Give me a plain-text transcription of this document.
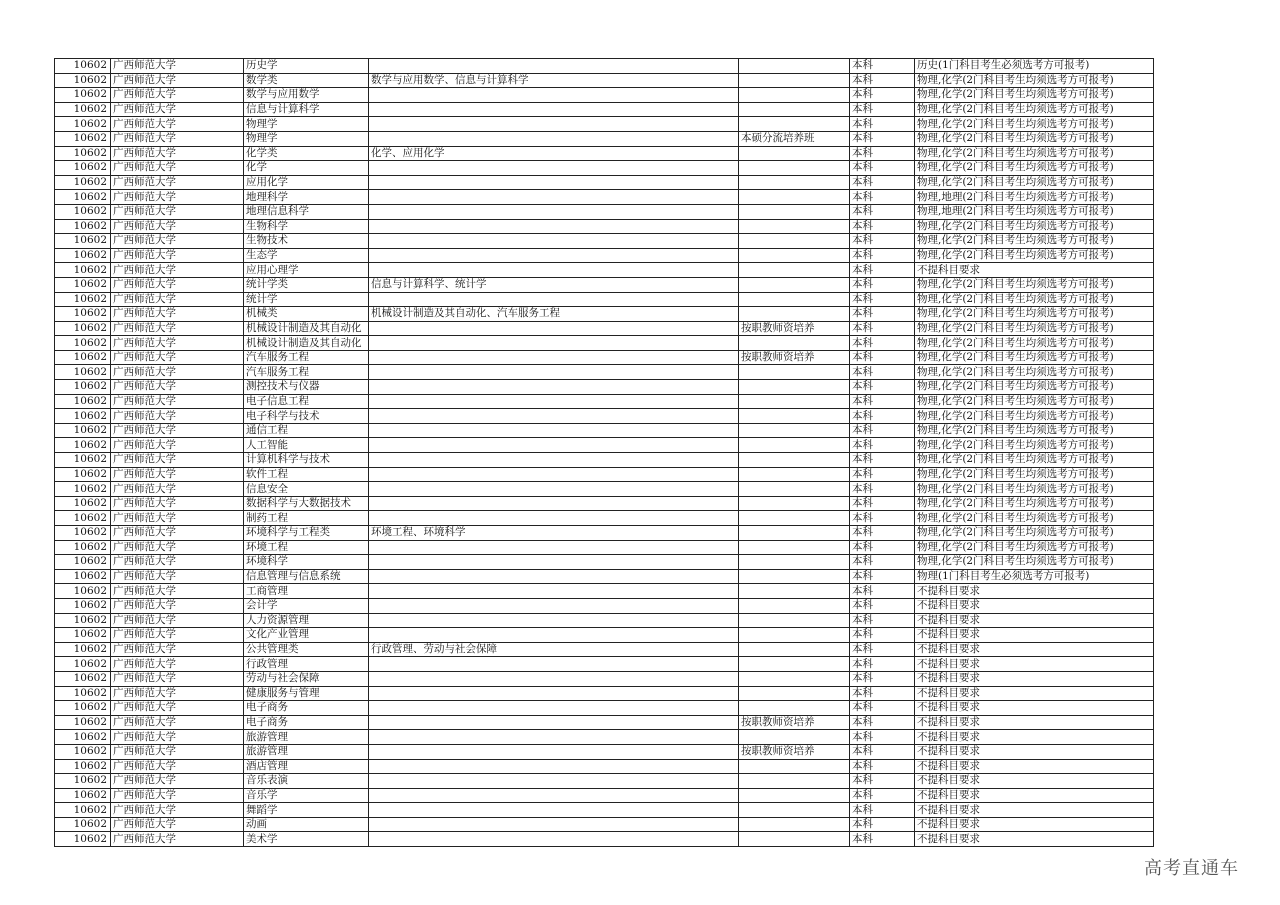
10602	广西师范大学	历史学			本科	历史(1门科目考生必须选考方可报考)
10602	广西师范大学	数学类	数学与应用数学、信息与计算科学		本科	物理,化学(2门科目考生均须选考方可报考)
10602	广西师范大学	数学与应用数学			本科	物理,化学(2门科目考生均须选考方可报考)
10602	广西师范大学	信息与计算科学			本科	物理,化学(2门科目考生均须选考方可报考)
10602	广西师范大学	物理学			本科	物理,化学(2门科目考生均须选考方可报考)
10602	广西师范大学	物理学		本硕分流培养班	本科	物理,化学(2门科目考生均须选考方可报考)
10602	广西师范大学	化学类	化学、应用化学		本科	物理,化学(2门科目考生均须选考方可报考)
10602	广西师范大学	化学			本科	物理,化学(2门科目考生均须选考方可报考)
10602	广西师范大学	应用化学			本科	物理,化学(2门科目考生均须选考方可报考)
10602	广西师范大学	地理科学			本科	物理,地理(2门科目考生均须选考方可报考)
10602	广西师范大学	地理信息科学			本科	物理,地理(2门科目考生均须选考方可报考)
10602	广西师范大学	生物科学			本科	物理,化学(2门科目考生均须选考方可报考)
10602	广西师范大学	生物技术			本科	物理,化学(2门科目考生均须选考方可报考)
10602	广西师范大学	生态学			本科	物理,化学(2门科目考生均须选考方可报考)
10602	广西师范大学	应用心理学			本科	不提科目要求
10602	广西师范大学	统计学类	信息与计算科学、统计学		本科	物理,化学(2门科目考生均须选考方可报考)
10602	广西师范大学	统计学			本科	物理,化学(2门科目考生均须选考方可报考)
10602	广西师范大学	机械类	机械设计制造及其自动化、汽车服务工程		本科	物理,化学(2门科目考生均须选考方可报考)
10602	广西师范大学	机械设计制造及其自动化		按职教师资培养	本科	物理,化学(2门科目考生均须选考方可报考)
10602	广西师范大学	机械设计制造及其自动化			本科	物理,化学(2门科目考生均须选考方可报考)
10602	广西师范大学	汽车服务工程		按职教师资培养	本科	物理,化学(2门科目考生均须选考方可报考)
10602	广西师范大学	汽车服务工程			本科	物理,化学(2门科目考生均须选考方可报考)
10602	广西师范大学	测控技术与仪器			本科	物理,化学(2门科目考生均须选考方可报考)
10602	广西师范大学	电子信息工程			本科	物理,化学(2门科目考生均须选考方可报考)
10602	广西师范大学	电子科学与技术			本科	物理,化学(2门科目考生均须选考方可报考)
10602	广西师范大学	通信工程			本科	物理,化学(2门科目考生均须选考方可报考)
10602	广西师范大学	人工智能			本科	物理,化学(2门科目考生均须选考方可报考)
10602	广西师范大学	计算机科学与技术			本科	物理,化学(2门科目考生均须选考方可报考)
10602	广西师范大学	软件工程			本科	物理,化学(2门科目考生均须选考方可报考)
10602	广西师范大学	信息安全			本科	物理,化学(2门科目考生均须选考方可报考)
10602	广西师范大学	数据科学与大数据技术			本科	物理,化学(2门科目考生均须选考方可报考)
10602	广西师范大学	制药工程			本科	物理,化学(2门科目考生均须选考方可报考)
10602	广西师范大学	环境科学与工程类	环境工程、环境科学		本科	物理,化学(2门科目考生均须选考方可报考)
10602	广西师范大学	环境工程			本科	物理,化学(2门科目考生均须选考方可报考)
10602	广西师范大学	环境科学			本科	物理,化学(2门科目考生均须选考方可报考)
10602	广西师范大学	信息管理与信息系统			本科	物理(1门科目考生必须选考方可报考)
10602	广西师范大学	工商管理			本科	不提科目要求
10602	广西师范大学	会计学			本科	不提科目要求
10602	广西师范大学	人力资源管理			本科	不提科目要求
10602	广西师范大学	文化产业管理			本科	不提科目要求
10602	广西师范大学	公共管理类	行政管理、劳动与社会保障		本科	不提科目要求
10602	广西师范大学	行政管理			本科	不提科目要求
10602	广西师范大学	劳动与社会保障			本科	不提科目要求
10602	广西师范大学	健康服务与管理			本科	不提科目要求
10602	广西师范大学	电子商务			本科	不提科目要求
10602	广西师范大学	电子商务		按职教师资培养	本科	不提科目要求
10602	广西师范大学	旅游管理			本科	不提科目要求
10602	广西师范大学	旅游管理		按职教师资培养	本科	不提科目要求
10602	广西师范大学	酒店管理			本科	不提科目要求
10602	广西师范大学	音乐表演			本科	不提科目要求
10602	广西师范大学	音乐学			本科	不提科目要求
10602	广西师范大学	舞蹈学			本科	不提科目要求
10602	广西师范大学	动画			本科	不提科目要求
10602	广西师范大学	美术学			本科	不提科目要求
高考直通车
